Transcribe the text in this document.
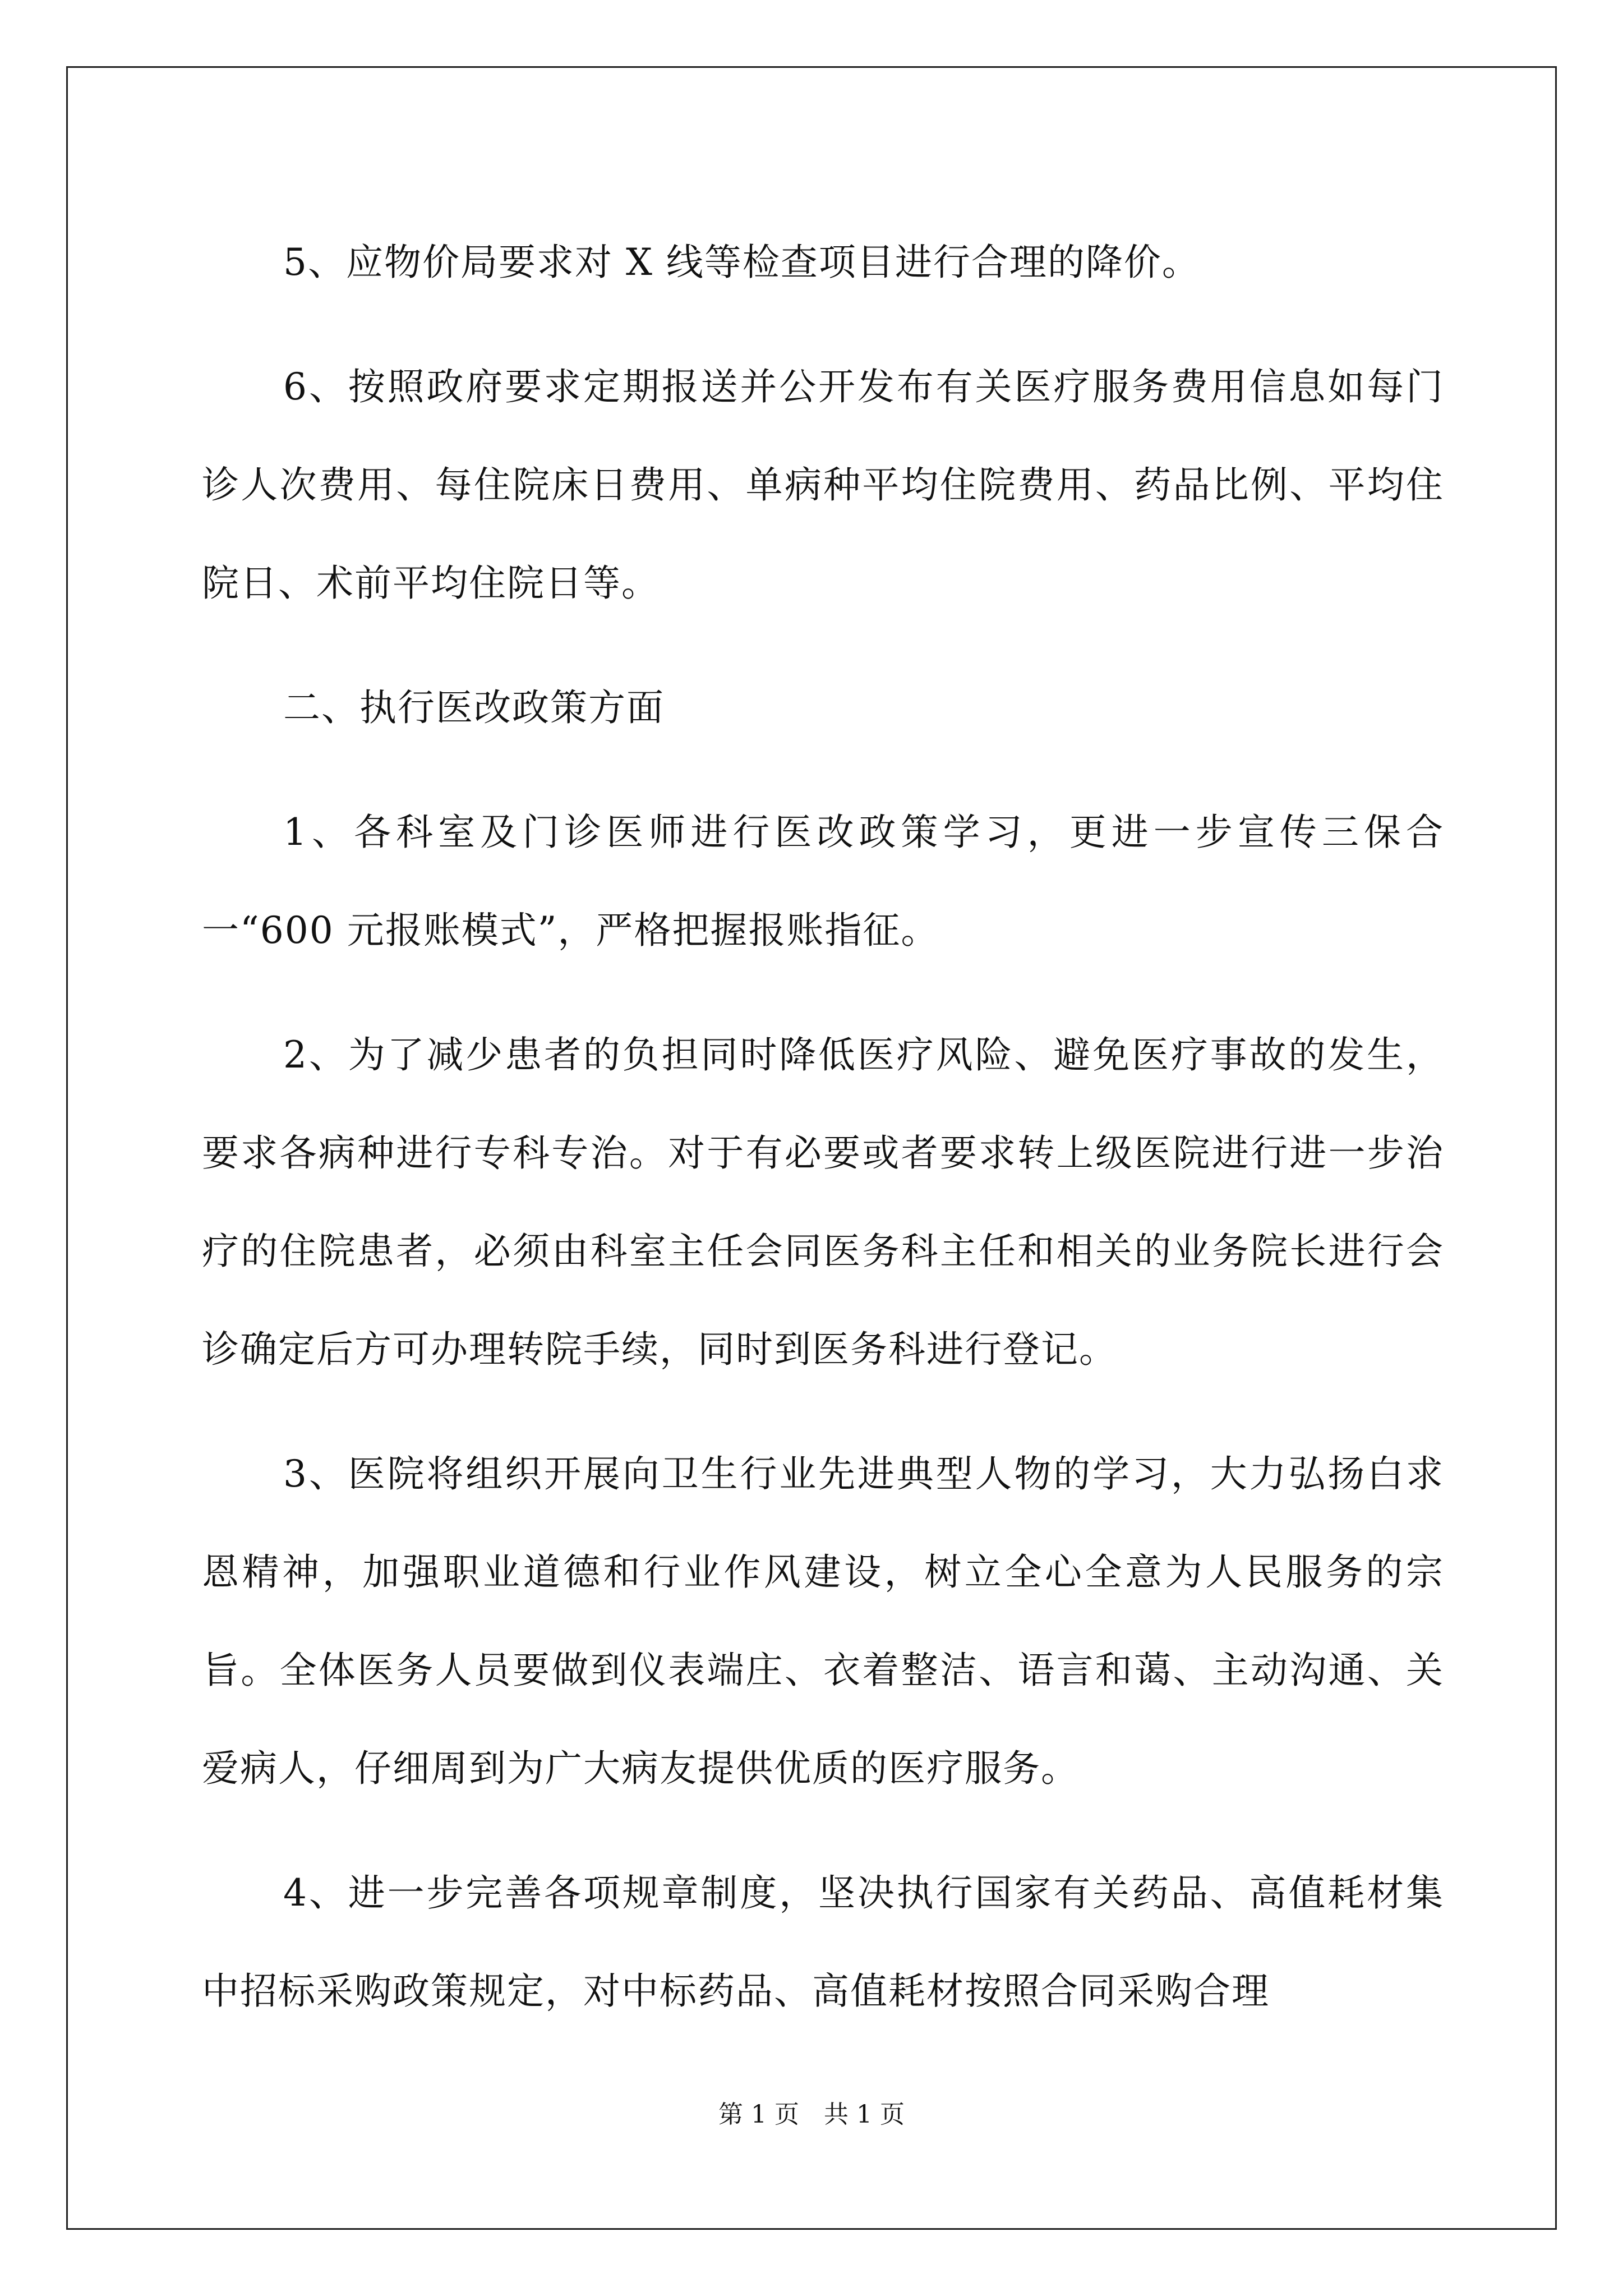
5、应物价局要求对 X 线等检查项目进行合理的降价。

6、按照政府要求定期报送并公开发布有关医疗服务费用信息如每门诊人次费用、每住院床日费用、单病种平均住院费用、药品比例、平均住院日、术前平均住院日等。

二、执行医改政策方面

1、各科室及门诊医师进行医改政策学习，更进一步宣传三保合一“600 元报账模式”，严格把握报账指征。

2、为了减少患者的负担同时降低医疗风险、避免医疗事故的发生，要求各病种进行专科专治。对于有必要或者要求转上级医院进行进一步治疗的住院患者，必须由科室主任会同医务科主任和相关的业务院长进行会诊确定后方可办理转院手续，同时到医务科进行登记。

3、医院将组织开展向卫生行业先进典型人物的学习，大力弘扬白求恩精神，加强职业道德和行业作风建设，树立全心全意为人民服务的宗旨。全体医务人员要做到仪表端庄、衣着整洁、语言和蔼、主动沟通、关爱病人，仔细周到为广大病友提供优质的医疗服务。

4、进一步完善各项规章制度，坚决执行国家有关药品、高值耗材集中招标采购政策规定，对中标药品、高值耗材按照合同采购合理

第 1 页　共 1 页
